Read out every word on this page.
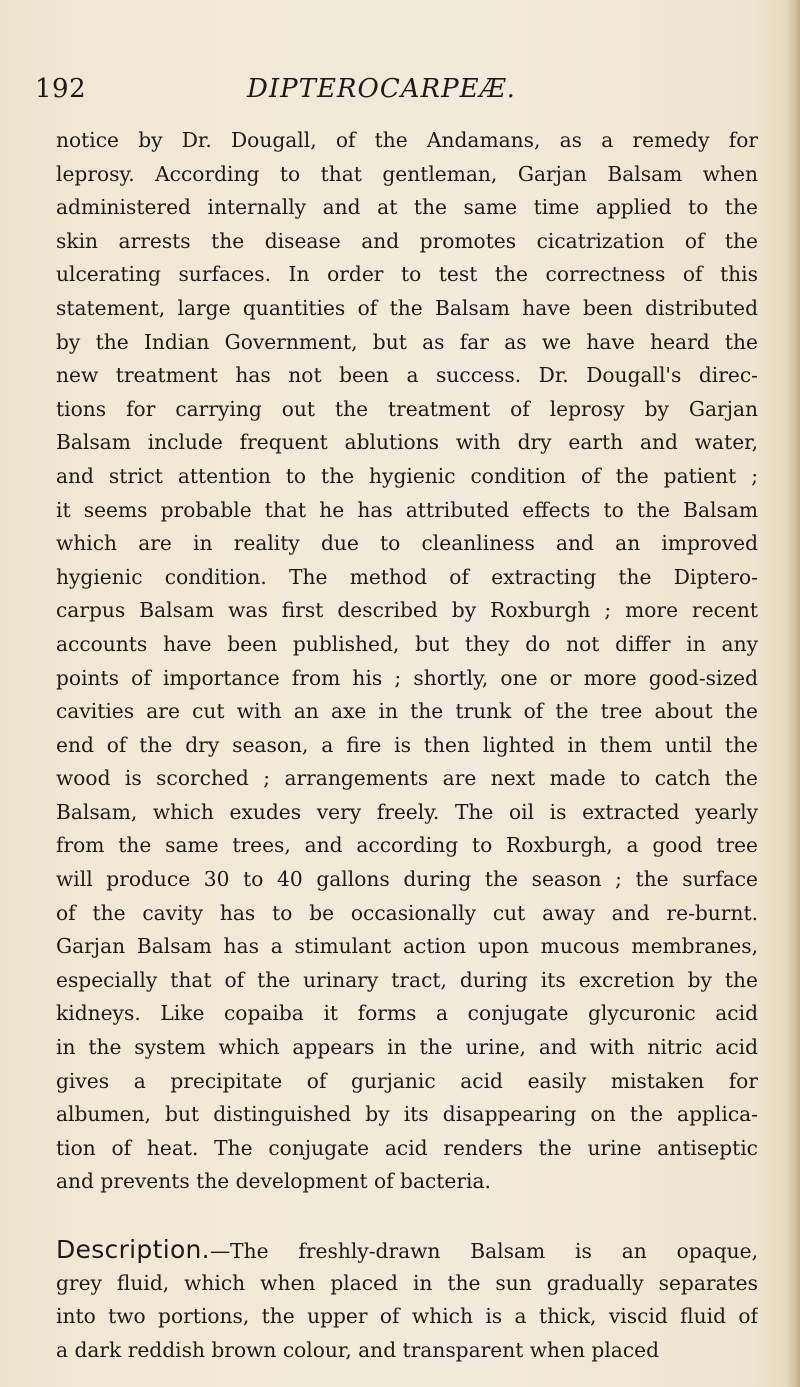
192	DIPTEROCARPEÆ.
notice by Dr. Dougall, of the Andamans, as a remedy for
leprosy. According to that gentleman, Garjan Balsam when
administered internally and at the same time applied to the
skin arrests the disease and promotes cicatrization of the
ulcerating surfaces. In order to test the correctness of this
statement, large quantities of the Balsam have been distributed
by the Indian Government, but as far as we have heard the
new treatment has not been a success. Dr. Dougall's direc-
tions for carrying out the treatment of leprosy by Garjan
Balsam include frequent ablutions with dry earth and water,
and strict attention to the hygienic condition of the patient ;
it seems probable that he has attributed effects to the Balsam
which are in reality due to cleanliness and an improved
hygienic condition. The method of extracting the Diptero-
carpus Balsam was first described by Roxburgh ; more recent
accounts have been published, but they do not differ in any
points of importance from his ; shortly, one or more good-sized
cavities are cut with an axe in the trunk of the tree about the
end of the dry season, a fire is then lighted in them until the
wood is scorched ; arrangements are next made to catch the
Balsam, which exudes very freely. The oil is extracted yearly
from the same trees, and according to Roxburgh, a good tree
will produce 30 to 40 gallons during the season ; the surface
of the cavity has to be occasionally cut away and re-burnt.
Garjan Balsam has a stimulant action upon mucous membranes,
especially that of the urinary tract, during its excretion by the
kidneys. Like copaiba it forms a conjugate glycuronic acid
in the system which appears in the urine, and with nitric acid
gives a precipitate of gurjanic acid easily mistaken for
albumen, but distinguished by its disappearing on the applica-
tion of heat. The conjugate acid renders the urine antiseptic
and prevents the development of bacteria.
Description.—The freshly-drawn Balsam is an opaque,
grey fluid, which when placed in the sun gradually separates
into two portions, the upper of which is a thick, viscid fluid of
a dark reddish brown colour, and transparent when placed
